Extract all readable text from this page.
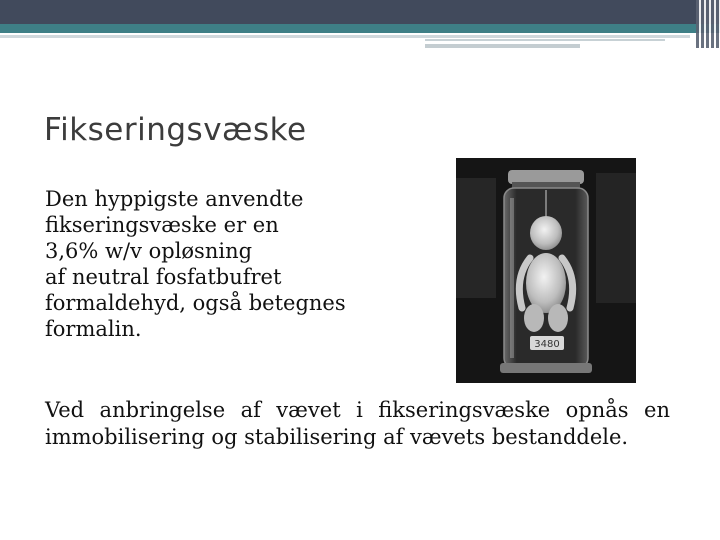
Fikseringsvæske

Den hyppigste anvendte
fikseringsvæske er en
3,6% w/v opløsning
af neutral fosfatbufret
formaldehyd, også betegnes
formalin.

3480

Ved anbringelse af vævet i fikseringsvæske opnås en immobilisering og stabilisering af vævets bestanddele.
